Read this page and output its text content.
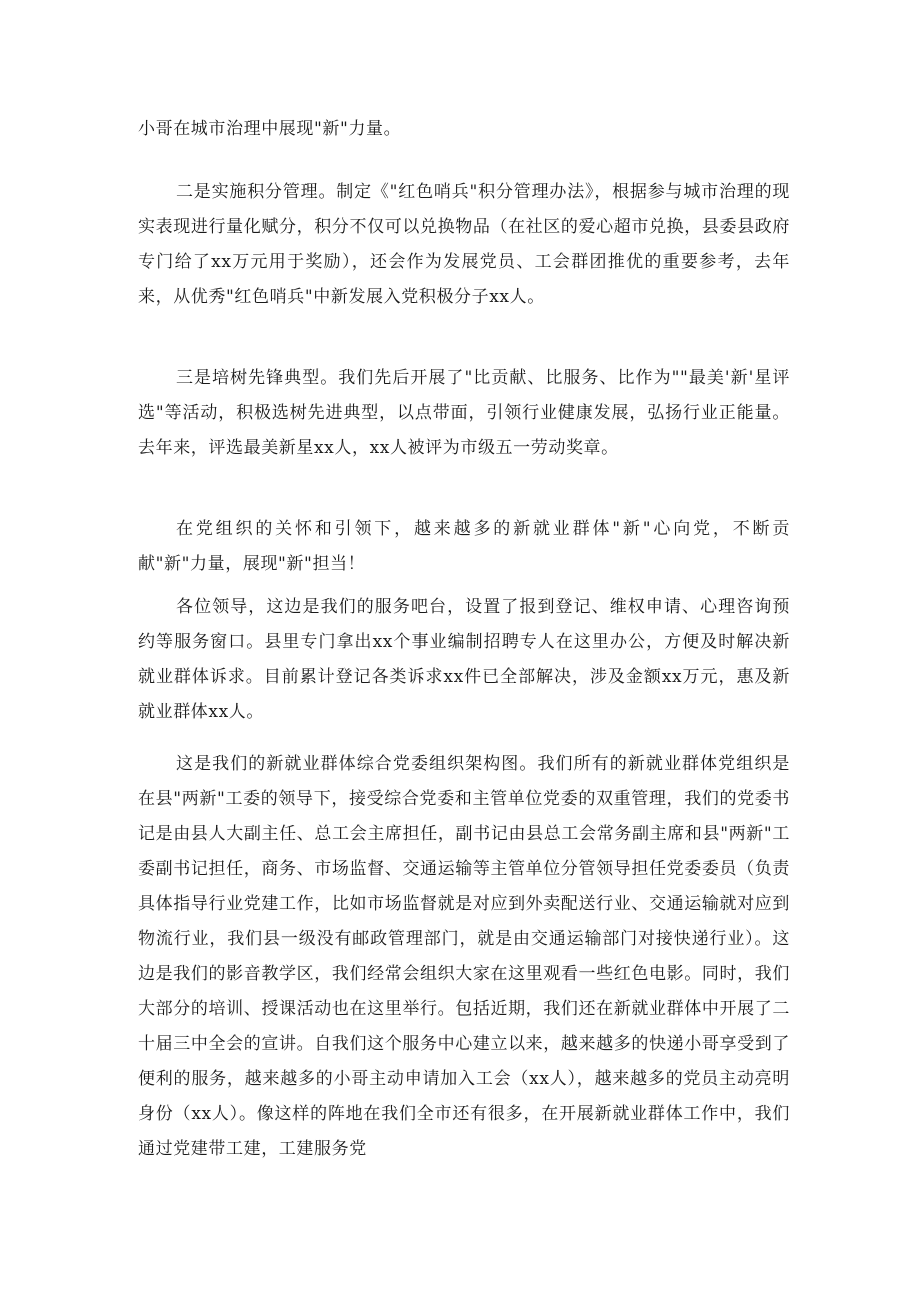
小哥在城市治理中展现"新"力量。

二是实施积分管理。制定《"红色哨兵"积分管理办法》，根据参与城市治理的现实表现进行量化赋分，积分不仅可以兑换物品（在社区的爱心超市兑换，县委县政府专门给了xx万元用于奖励），还会作为发展党员、工会群团推优的重要参考，去年来，从优秀"红色哨兵"中新发展入党积极分子xx人。

三是培树先锋典型。我们先后开展了"比贡献、比服务、比作为""最美'新'星评选"等活动，积极选树先进典型，以点带面，引领行业健康发展，弘扬行业正能量。去年来，评选最美新星xx人，xx人被评为市级五一劳动奖章。

在党组织的关怀和引领下，越来越多的新就业群体"新"心向党，不断贡献"新"力量，展现"新"担当！

各位领导，这边是我们的服务吧台，设置了报到登记、维权申请、心理咨询预约等服务窗口。县里专门拿出xx个事业编制招聘专人在这里办公，方便及时解决新就业群体诉求。目前累计登记各类诉求xx件已全部解决，涉及金额xx万元，惠及新就业群体xx人。

这是我们的新就业群体综合党委组织架构图。我们所有的新就业群体党组织是在县"两新"工委的领导下，接受综合党委和主管单位党委的双重管理，我们的党委书记是由县人大副主任、总工会主席担任，副书记由县总工会常务副主席和县"两新"工委副书记担任，商务、市场监督、交通运输等主管单位分管领导担任党委委员（负责具体指导行业党建工作，比如市场监督就是对应到外卖配送行业、交通运输就对应到物流行业，我们县一级没有邮政管理部门，就是由交通运输部门对接快递行业）。这边是我们的影音教学区，我们经常会组织大家在这里观看一些红色电影。同时，我们大部分的培训、授课活动也在这里举行。包括近期，我们还在新就业群体中开展了二十届三中全会的宣讲。自我们这个服务中心建立以来，越来越多的快递小哥享受到了便利的服务，越来越多的小哥主动申请加入工会（xx人），越来越多的党员主动亮明身份（xx人）。像这样的阵地在我们全市还有很多，在开展新就业群体工作中，我们通过党建带工建，工建服务党
